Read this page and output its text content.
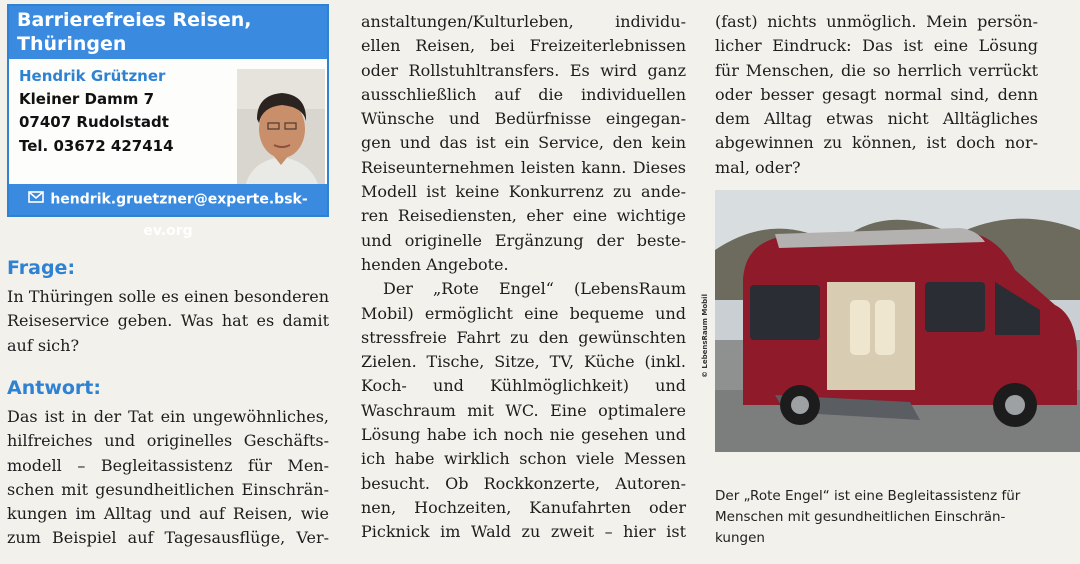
Barrierefreies Reisen,
Thüringen
Hendrik Grützner
Kleiner Damm 7
07407 Rudolstadt
Tel. 03672 427414
hendrik.gruetzner@experte.bsk-ev.org
Frage:
In Thüringen solle es einen besonderen
Reiseservice geben. Was hat es damit
auf sich?
Antwort:
Das ist in der Tat ein ungewöhnliches,
hilfreiches und originelles Geschäfts-
modell – Begleitassistenz für Men-
schen mit gesundheitlichen Einschrän-
kungen im Alltag und auf Reisen, wie
zum Beispiel auf Tagesausflüge, Ver-
anstaltungen/Kulturleben, individu-
ellen Reisen, bei Freizeiterlebnissen
oder Rollstuhltransfers. Es wird ganz
ausschließlich auf die individuellen
Wünsche und Bedürfnisse eingegan-
gen und das ist ein Service, den kein
Reiseunternehmen leisten kann. Dieses
Modell ist keine Konkurrenz zu ande-
ren Reisediensten, eher eine wichtige
und originelle Ergänzung der beste-
henden Angebote.
Der „Rote Engel“ (LebensRaum
Mobil) ermöglicht eine bequeme und
stressfreie Fahrt zu den gewünschten
Zielen. Tische, Sitze, TV, Küche (inkl.
Koch- und Kühlmöglichkeit) und
Waschraum mit WC. Eine optimalere
Lösung habe ich noch nie gesehen und
ich habe wirklich schon viele Messen
besucht. Ob Rockkonzerte, Autoren-
nen, Hochzeiten, Kanufahrten oder
Picknick im Wald zu zweit – hier ist
(fast) nichts unmöglich. Mein persön-
licher Eindruck: Das ist eine Lösung
für Menschen, die so herrlich verrückt
oder besser gesagt normal sind, denn
dem Alltag etwas nicht Alltägliches
abgewinnen zu können, ist doch nor-
mal, oder?
© LebensRaum Mobil
Der „Rote Engel“ ist eine Begleitassistenz für
Menschen mit gesundheitlichen Einschrän-
kungen
